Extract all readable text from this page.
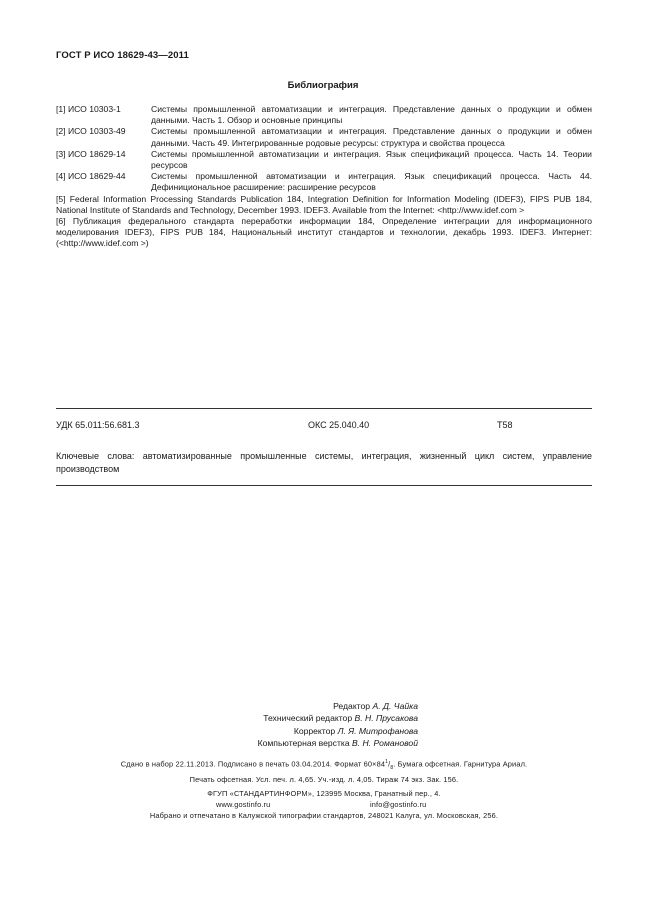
ГОСТ Р ИСО 18629-43—2011
Библиография
[1] ИСО 10303-1	Системы промышленной автоматизации и интеграция. Представление данных о продукции и обмен данными. Часть 1. Обзор и основные принципы
[2] ИСО 10303-49	Системы промышленной автоматизации и интеграция. Представление данных о продукции и обмен данными. Часть 49. Интегрированные родовые ресурсы: структура и свойства процесса
[3] ИСО 18629-14	Системы промышленной автоматизации и интеграция. Язык спецификаций процесса. Часть 14. Теории ресурсов
[4] ИСО 18629-44	Системы промышленной автоматизации и интеграция. Язык спецификаций процесса. Часть 44. Дефинициональное расширение: расширение ресурсов
[5] Federal Information Processing Standards Publication 184, Integration Definition for Information Modeling (IDEF3), FIPS PUB 184, National Institute of Standards and Technology, December 1993. IDEF3. Available from the Internet: <http://www.idef.com >
[6] Публикация федерального стандарта переработки информации 184, Определение интеграции для информационного моделирования IDEF3), FIPS PUB 184, Национальный институт стандартов и технологии, декабрь 1993. IDEF3. Интернет: (<http://www.idef.com >)
УДК 65.011:56.681.3	ОКС 25.040.40	Т58
Ключевые слова: автоматизированные промышленные системы, интеграция, жизненный цикл систем, управление производством
Редактор А. Д. Чайка
Технический редактор В. Н. Прусакова
Корректор Л. Я. Митрофанова
Компьютерная верстка В. Н. Романовой
Сдано в набор 22.11.2013. Подписано в печать 03.04.2014. Формат $60\times 84^1/_8$. Бумага офсетная. Гарнитура Ариал.
Печать офсетная. Усл. печ. л. 4,65. Уч.-изд. л. 4,05. Тираж 74 экз. Зак. 156.
ФГУП «СТАНДАРТИНФОРМ», 123995 Москва, Гранатный пер., 4.
www.gostinfo.ru	info@gostinfo.ru
Набрано и отпечатано в Калужской типографии стандартов, 248021 Калуга, ул. Московская, 256.
